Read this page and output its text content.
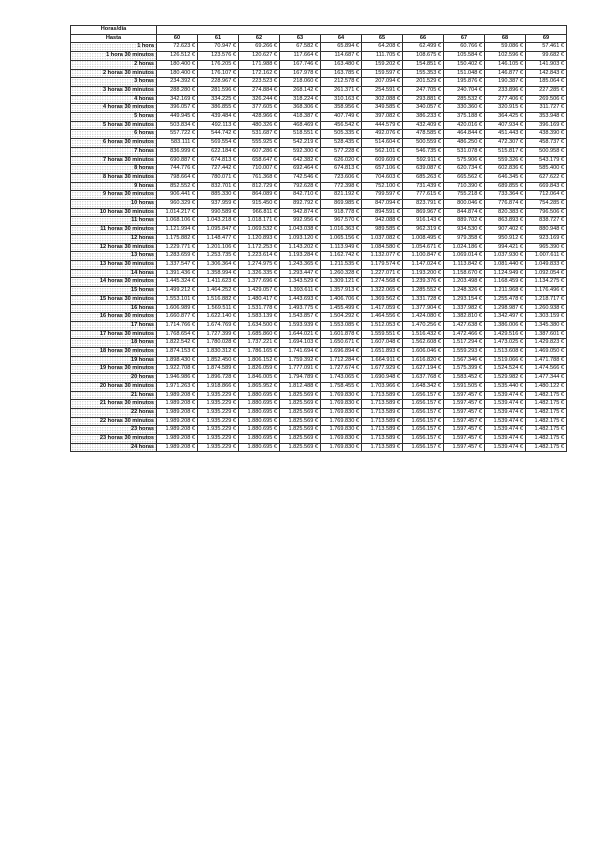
Horas/día										
Hasta	60	61	62	63	64	65	66	67	68	69
1 hora	72.623 €	70.947 €	69.266 €	67.582 €	65.894 €	64.208 €	62.499 €	60.766 €	59.086 €	57.461 €
1 hora 30 minutos	126.512 €	123.576 €	120.627 €	117.664 €	114.687 €	111.705 €	108.675 €	105.584 €	102.596 €	99.682 €
2 horas	180.400 €	176.205 €	171.988 €	167.746 €	163.480 €	159.202 €	154.851 €	150.402 €	146.105 €	141.903 €
2 horas 30 minutos	180.400 €	176.107 €	172.162 €	167.978 €	163.785 €	159.597 €	155.353 €	151.048 €	146.877 €	142.843 €
3 horas	234.392 €	228.967 €	223.523 €	218.060 €	212.578 €	207.094 €	201.529 €	195.876 €	190.387 €	185.064 €
3 horas 30 minutos	288.280 €	281.596 €	274.884 €	268.142 €	261.371 €	254.591 €	247.705 €	240.704 €	233.896 €	227.285 €
4 horas	342.169 €	334.225 €	326.244 €	318.224 €	310.163 €	302.088 €	293.881 €	285.532 €	277.406 €	269.506 €
4 horas 30 minutos	396.057 €	386.855 €	377.605 €	368.306 €	358.956 €	349.585 €	340.057 €	330.360 €	320.915 €	311.727 €
5 horas	449.945 €	439.484 €	428.966 €	418.387 €	407.749 €	397.082 €	386.233 €	375.188 €	364.425 €	353.948 €
5 horas 30 minutos	503.834 €	492.113 €	480.326 €	468.469 €	456.542 €	444.579 €	432.409 €	420.016 €	407.934 €	396.169 €
6 horas	557.722 €	544.742 €	531.687 €	518.551 €	505.335 €	492.076 €	478.585 €	464.844 €	451.443 €	438.390 €
6 horas 30 minutos	583.111 €	569.554 €	555.925 €	542.219 €	528.435 €	514.604 €	500.559 €	486.250 €	472.307 €	458.737 €
7 horas	836.999 €	622.184 €	607.286 €	592.300 €	577.228 €	562.101 €	546.735 €	531.078 €	515.817 €	500.958 €
7 horas 30 minutos	690.887 €	674.813 €	658.647 €	642.382 €	626.020 €	609.609 €	592.911 €	575.906 €	559.326 €	543.179 €
8 horas	744.776 €	727.442 €	710.007 €	692.464 €	674.813 €	657.106 €	639.087 €	620.734 €	602.836 €	585.400 €
8 horas 30 minutos	798.664 €	780.071 €	761.368 €	742.546 €	723.606 €	704.603 €	685.263 €	665.562 €	646.345 €	627.622 €
9 horas	852.552 €	832.701 €	812.729 €	792.628 €	772.398 €	752.100 €	731.439 €	710.390 €	689.855 €	669.843 €
9 horas 30 minutos	906.441 €	885.330 €	864.089 €	842.710 €	821.192 €	799.597 €	777.615 €	755.218 €	733.364 €	712.064 €
10 horas	960.329 €	937.959 €	915.450 €	892.792 €	869.985 €	847.094 €	823.791 €	800.046 €	776.874 €	754.285 €
10 horas 30 minutos	1.014.217 €	990.589 €	966.811 €	942.874 €	918.778 €	894.591 €	869.967 €	844.874 €	820.383 €	796.506 €
11 horas	1.068.106 €	1.043.218 €	1.018.171 €	992.956 €	967.570 €	942.088 €	916.143 €	889.702 €	863.893 €	838.727 €
11 horas 30 minutos	1.121.994 €	1.095.847 €	1.069.532 €	1.043.038 €	1.016.363 €	989.585 €	962.319 €	934.530 €	907.402 €	880.948 €
12 horas	1.175.882 €	1.148.477 €	1.120.893 €	1.093.120 €	1.065.156 €	1.037.082 €	1.008.495 €	979.358 €	950.912 €	923.169 €
12 horas 30 minutos	1.229.771 €	1.201.106 €	1.172.253 €	1.143.202 €	1.113.949 €	1.084.580 €	1.054.671 €	1.024.186 €	994.421 €	965.390 €
13 horas	1.283.659 €	1.253.735 €	1.223.614 €	1.193.284 €	1.162.742 €	1.132.077 €	1.100.847 €	1.069.014 €	1.037.930 €	1.007.611 €
13 horas 30 minutos	1.337.547 €	1.306.364 €	1.274.975 €	1.243.365 €	1.211.535 €	1.179.574 €	1.147.024 €	1.113.842 €	1.081.440 €	1.049.833 €
14 horas	1.391.436 €	1.358.994 €	1.326.335 €	1.293.447 €	1.260.328 €	1.227.071 €	1.193.200 €	1.158.670 €	1.124.949 €	1.092.054 €
14 horas 30 minutos	1.445.324 €	1.411.623 €	1.377.696 €	1.343.529 €	1.309.121 €	1.274.568 €	1.239.376 €	1.203.498 €	1.168.459 €	1.134.275 €
15 horas	1.499.212 €	1.464.252 €	1.429.057 €	1.393.611 €	1.357.913 €	1.322.065 €	1.285.552 €	1.248.326 €	1.211.968 €	1.176.496 €
15 horas 30 minutos	1.553.101 €	1.516.882 €	1.480.417 €	1.443.693 €	1.406.706 €	1.369.562 €	1.331.728 €	1.293.154 €	1.255.478 €	1.218.717 €
16 horas	1.606.989 €	1.569.511 €	1.531.778 €	1.493.775 €	1.455.499 €	1.417.059 €	1.377.904 €	1.337.982 €	1.298.987 €	1.260.938 €
16 horas 30 minutos	1.660.877 €	1.622.140 €	1.583.139 €	1.543.857 €	1.504.292 €	1.464.556 €	1.424.080 €	1.382.810 €	1.342.497 €	1.303.159 €
17 horas	1.714.766 €	1.674.769 €	1.634.500 €	1.593.939 €	1.553.085 €	1.512.053 €	1.470.256 €	1.427.638 €	1.386.006 €	1.345.380 €
17 horas 30 minutos	1.768.654 €	1.727.399 €	1.685.860 €	1.644.021 €	1.601.878 €	1.559.551 €	1.516.432 €	1.472.466 €	1.429.516 €	1.387.601 €
18 horas	1.822.542 €	1.780.028 €	1.737.221 €	1.694.103 €	1.650.671 €	1.607.048 €	1.562.608 €	1.517.294 €	1.473.025 €	1.429.823 €
18 horas 30 minutos	1.874.153 €	1.830.312 €	1.786.165 €	1.741.694 €	1.696.894 €	1.651.893 €	1.606.046 €	1.559.293 €	1.513.608 €	1.469.050 €
19 horas	1.898.430 €	1.852.450 €	1.806.152 €	1.759.392 €	1.712.284 €	1.664.911 €	1.616.820 €	1.567.346 €	1.519.066 €	1.471.788 €
19 horas 30 minutos	1.922.708 €	1.874.589 €	1.826.059 €	1.777.091 €	1.727.674 €	1.677.929 €	1.627.194 €	1.575.399 €	1.524.524 €	1.474.566 €
20 horas	1.946.986 €	1.896.728 €	1.846.005 €	1.794.789 €	1.743.065 €	1.690.948 €	1.637.768 €	1.583.452 €	1.529.982 €	1.477.344 €
20 horas 30 minutos	1.971.263 €	1.918.866 €	1.865.952 €	1.812.488 €	1.758.455 €	1.703.966 €	1.648.342 €	1.591.505 €	1.535.440 €	1.480.122 €
21 horas	1.989.208 €	1.935.229 €	1.880.695 €	1.825.569 €	1.769.830 €	1.713.589 €	1.656.157 €	1.597.457 €	1.539.474 €	1.482.175 €
21 horas 30 minutos	1.989.208 €	1.935.229 €	1.880.695 €	1.825.569 €	1.769.830 €	1.713.589 €	1.656.157 €	1.597.457 €	1.539.474 €	1.482.175 €
22 horas	1.989.208 €	1.935.229 €	1.880.695 €	1.825.569 €	1.769.830 €	1.713.589 €	1.656.157 €	1.597.457 €	1.539.474 €	1.482.175 €
22 horas 30 minutos	1.989.208 €	1.935.229 €	1.880.695 €	1.825.569 €	1.769.830 €	1.713.589 €	1.656.157 €	1.597.457 €	1.539.474 €	1.482.175 €
23 horas	1.989.208 €	1.935.229 €	1.880.695 €	1.825.569 €	1.769.830 €	1.713.589 €	1.656.157 €	1.597.457 €	1.539.474 €	1.482.175 €
23 horas 30 minutos	1.989.208 €	1.935.229 €	1.880.695 €	1.825.569 €	1.769.830 €	1.713.589 €	1.656.157 €	1.597.457 €	1.539.474 €	1.482.175 €
24 horas	1.989.208 €	1.935.229 €	1.880.695 €	1.825.569 €	1.769.830 €	1.713.589 €	1.656.157 €	1.597.457 €	1.539.474 €	1.482.175 €
